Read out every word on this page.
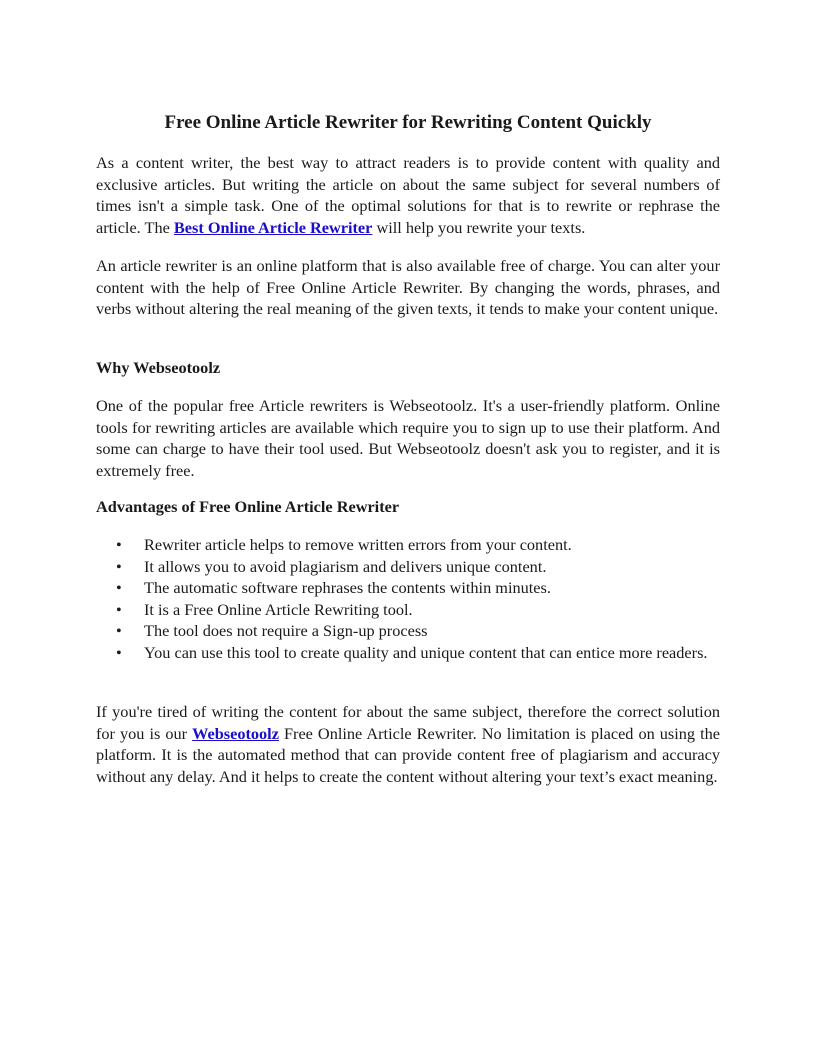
Free Online Article Rewriter for Rewriting Content Quickly

As a content writer, the best way to attract readers is to provide content with quality and exclusive articles. But writing the article on about the same subject for several numbers of times isn't a simple task. One of the optimal solutions for that is to rewrite or rephrase the article. The Best Online Article Rewriter will help you rewrite your texts.

An article rewriter is an online platform that is also available free of charge. You can alter your content with the help of Free Online Article Rewriter. By changing the words, phrases, and verbs without altering the real meaning of the given texts, it tends to make your content unique.

Why Webseotoolz

One of the popular free Article rewriters is Webseotoolz. It's a user-friendly platform. Online tools for rewriting articles are available which require you to sign up to use their platform. And some can charge to have their tool used. But Webseotoolz doesn't ask you to register, and it is extremely free.

Advantages of Free Online Article Rewriter
• Rewriter article helps to remove written errors from your content.
• It allows you to avoid plagiarism and delivers unique content.
• The automatic software rephrases the contents within minutes.
• It is a Free Online Article Rewriting tool.
• The tool does not require a Sign-up process
• You can use this tool to create quality and unique content that can entice more readers.

If you're tired of writing the content for about the same subject, therefore the correct solution for you is our Webseotoolz Free Online Article Rewriter. No limitation is placed on using the platform. It is the automated method that can provide content free of plagiarism and accuracy without any delay. And it helps to create the content without altering your text’s exact meaning.
